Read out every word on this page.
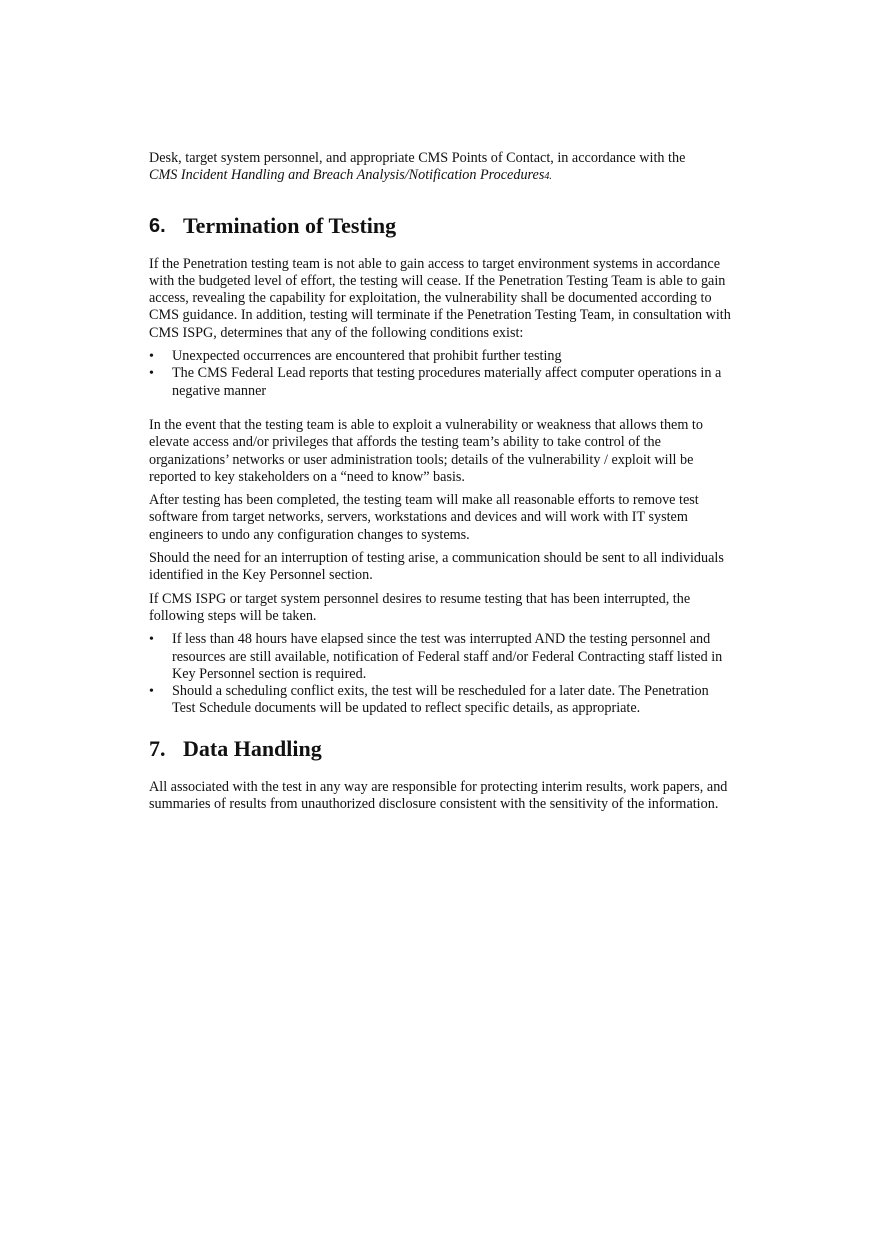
Desk, target system personnel, and appropriate CMS Points of Contact, in accordance with the
CMS Incident Handling and Breach Analysis/Notification Procedures4.

6. Termination of Testing

If the Penetration testing team is not able to gain access to target environment systems in accordance with the budgeted level of effort, the testing will cease. If the Penetration Testing Team is able to gain access, revealing the capability for exploitation, the vulnerability shall be documented according to CMS guidance. In addition, testing will terminate if the Penetration Testing Team, in consultation with CMS ISPG, determines that any of the following conditions exist:

• Unexpected occurrences are encountered that prohibit further testing
• The CMS Federal Lead reports that testing procedures materially affect computer operations in a negative manner

In the event that the testing team is able to exploit a vulnerability or weakness that allows them to elevate access and/or privileges that affords the testing team’s ability to take control of the organizations’ networks or user administration tools; details of the vulnerability / exploit will be reported to key stakeholders on a “need to know” basis.

After testing has been completed, the testing team will make all reasonable efforts to remove test software from target networks, servers, workstations and devices and will work with IT system engineers to undo any configuration changes to systems.

Should the need for an interruption of testing arise, a communication should be sent to all individuals identified in the Key Personnel section.

If CMS ISPG or target system personnel desires to resume testing that has been interrupted, the following steps will be taken.

• If less than 48 hours have elapsed since the test was interrupted AND the testing personnel and resources are still available, notification of Federal staff and/or Federal Contracting staff listed in Key Personnel section is required.
• Should a scheduling conflict exits, the test will be rescheduled for a later date. The Penetration Test Schedule documents will be updated to reflect specific details, as appropriate.
7. Data Handling

All associated with the test in any way are responsible for protecting interim results, work papers, and summaries of results from unauthorized disclosure consistent with the sensitivity of the information.
